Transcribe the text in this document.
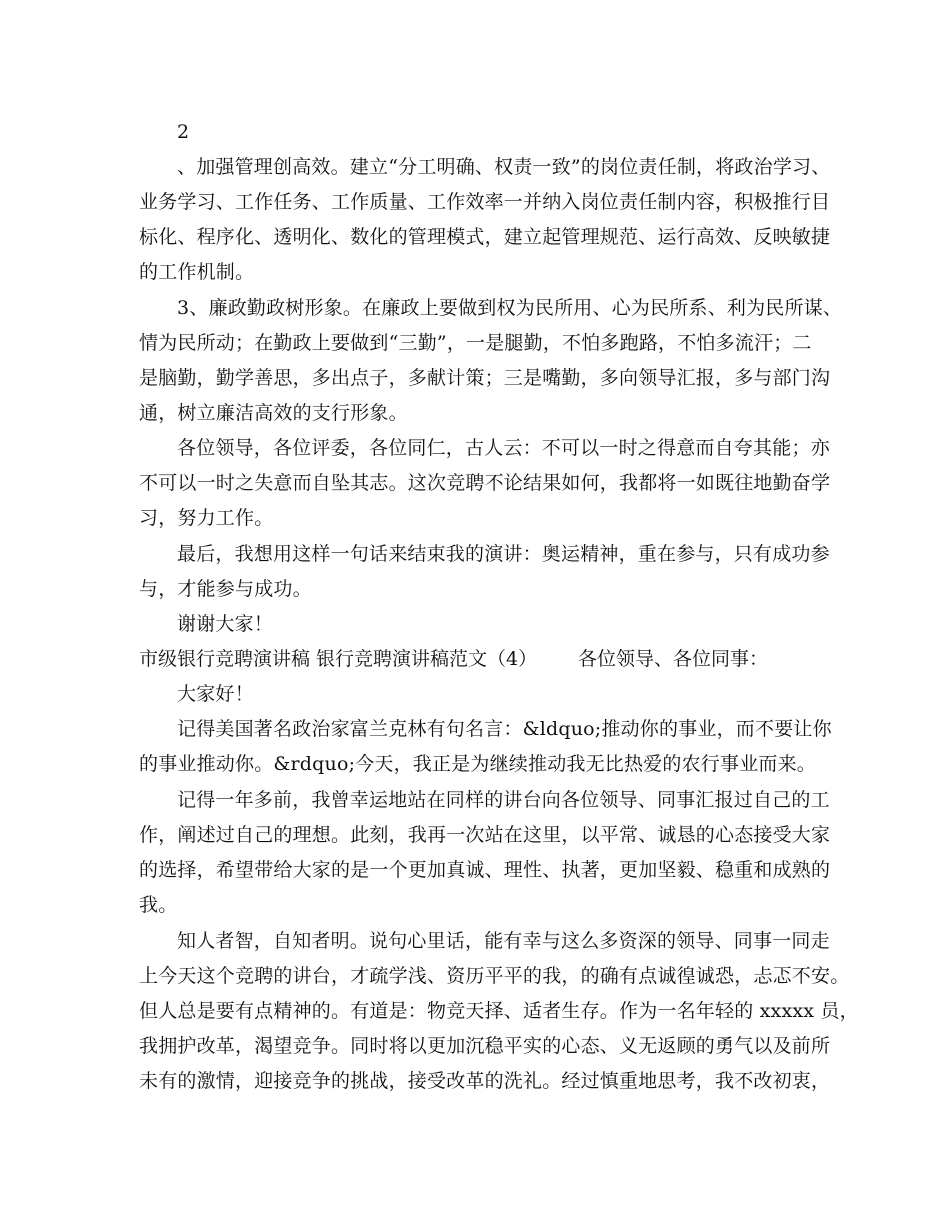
2
、加强管理创高效。建立“分工明确、权责一致”的岗位责任制，将政治学习、
业务学习、工作任务、工作质量、工作效率一并纳入岗位责任制内容，积极推行目
标化、程序化、透明化、数化的管理模式，建立起管理规范、运行高效、反映敏捷
的工作机制。
3、廉政勤政树形象。在廉政上要做到权为民所用、心为民所系、利为民所谋、
情为民所动；在勤政上要做到“三勤”，一是腿勤，不怕多跑路，不怕多流汗；二
是脑勤，勤学善思，多出点子，多献计策；三是嘴勤，多向领导汇报，多与部门沟
通，树立廉洁高效的支行形象。
各位领导，各位评委，各位同仁，古人云：不可以一时之得意而自夸其能；亦
不可以一时之失意而自坠其志。这次竞聘不论结果如何，我都将一如既往地勤奋学
习，努力工作。
最后，我想用这样一句话来结束我的演讲：奥运精神，重在参与，只有成功参
与，才能参与成功。
谢谢大家！
市级银行竞聘演讲稿 银行竞聘演讲稿范文（4） 各位领导、各位同事：
大家好！
记得美国著名政治家富兰克林有句名言：&ldquo;推动你的事业，而不要让你
的事业推动你。&rdquo;今天，我正是为继续推动我无比热爱的农行事业而来。
记得一年多前，我曾幸运地站在同样的讲台向各位领导、同事汇报过自己的工
作，阐述过自己的理想。此刻，我再一次站在这里，以平常、诚恳的心态接受大家
的选择，希望带给大家的是一个更加真诚、理性、执著，更加坚毅、稳重和成熟的
我。
知人者智，自知者明。说句心里话，能有幸与这么多资深的领导、同事一同走
上今天这个竞聘的讲台，才疏学浅、资历平平的我，的确有点诚徨诚恐，忐忑不安。
但人总是要有点精神的。有道是：物竞天择、适者生存。作为一名年轻的 xxxxx 员，
我拥护改革，渴望竞争。同时将以更加沉稳平实的心态、义无返顾的勇气以及前所
未有的激情，迎接竞争的挑战，接受改革的洗礼。经过慎重地思考，我不改初衷，
